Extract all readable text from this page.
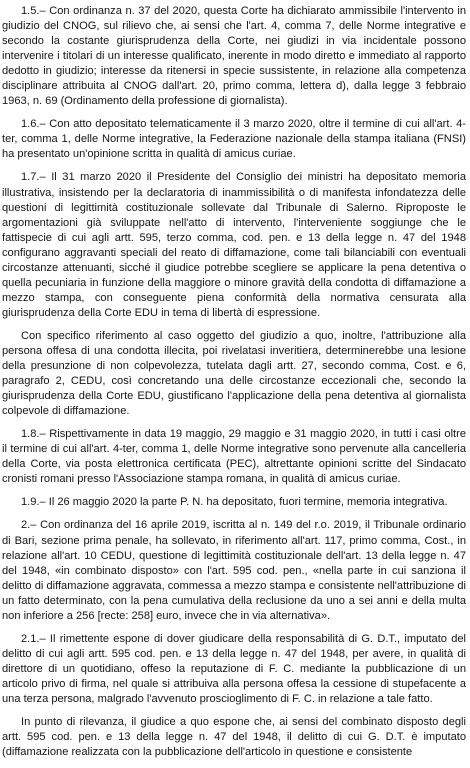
1.5.– Con ordinanza n. 37 del 2020, questa Corte ha dichiarato ammissibile l'intervento in giudizio del CNOG, sul rilievo che, ai sensi che l'art. 4, comma 7, delle Norme integrative e secondo la costante giurisprudenza della Corte, nei giudizi in via incidentale possono intervenire i titolari di un interesse qualificato, inerente in modo diretto e immediato al rapporto dedotto in giudizio; interesse da ritenersi in specie sussistente, in relazione alla competenza disciplinare attribuita al CNOG dall'art. 20, primo comma, lettera d), dalla legge 3 febbraio 1963, n. 69 (Ordinamento della professione di giornalista).

1.6.– Con atto depositato telematicamente il 3 marzo 2020, oltre il termine di cui all'art. 4-ter, comma 1, delle Norme integrative, la Federazione nazionale della stampa italiana (FNSI) ha presentato un'opinione scritta in qualità di amicus curiae.

1.7.– Il 31 marzo 2020 il Presidente del Consiglio dei ministri ha depositato memoria illustrativa, insistendo per la declaratoria di inammissibilità o di manifesta infondatezza delle questioni di legittimità costituzionale sollevate dal Tribunale di Salerno. Riproposte le argomentazioni già sviluppate nell'atto di intervento, l'interveniente soggiunge che le fattispecie di cui agli artt. 595, terzo comma, cod. pen. e 13 della legge n. 47 del 1948 configurano aggravanti speciali del reato di diffamazione, come tali bilanciabili con eventuali circostanze attenuanti, sicché il giudice potrebbe scegliere se applicare la pena detentiva o quella pecuniaria in funzione della maggiore o minore gravità della condotta di diffamazione a mezzo stampa, con conseguente piena conformità della normativa censurata alla giurisprudenza della Corte EDU in tema di libertà di espressione.

Con specifico riferimento al caso oggetto del giudizio a quo, inoltre, l'attribuzione alla persona offesa di una condotta illecita, poi rivelatasi inveritiera, determinerebbe una lesione della presunzione di non colpevolezza, tutelata dagli artt. 27, secondo comma, Cost. e 6, paragrafo 2, CEDU, così concretando una delle circostanze eccezionali che, secondo la giurisprudenza della Corte EDU, giustificano l'applicazione della pena detentiva al giornalista colpevole di diffamazione.

1.8.– Rispettivamente in data 19 maggio, 29 maggio e 31 maggio 2020, in tutti i casi oltre il termine di cui all'art. 4-ter, comma 1, delle Norme integrative sono pervenute alla cancelleria della Corte, via posta elettronica certificata (PEC), altrettante opinioni scritte del Sindacato cronisti romani presso l'Associazione stampa romana, in qualità di amicus curiae.

1.9.– Il 26 maggio 2020 la parte P. N. ha depositato, fuori termine, memoria integrativa.

2.– Con ordinanza del 16 aprile 2019, iscritta al n. 149 del r.o. 2019, il Tribunale ordinario di Bari, sezione prima penale, ha sollevato, in riferimento all'art. 117, primo comma, Cost., in relazione all'art. 10 CEDU, questione di legittimità costituzionale dell'art. 13 della legge n. 47 del 1948, «in combinato disposto» con l'art. 595 cod. pen., «nella parte in cui sanziona il delitto di diffamazione aggravata, commessa a mezzo stampa e consistente nell'attribuzione di un fatto determinato, con la pena cumulativa della reclusione da uno a sei anni e della multa non inferiore a 256 [recte: 258] euro, invece che in via alternativa».

2.1.– Il rimettente espone di dover giudicare della responsabilità di G. D.T., imputato del delitto di cui agli artt. 595 cod. pen. e 13 della legge n. 47 del 1948, per avere, in qualità di direttore di un quotidiano, offeso la reputazione di F. C. mediante la pubblicazione di un articolo privo di firma, nel quale si attribuiva alla persona offesa la cessione di stupefacente a una terza persona, malgrado l'avvenuto proscioglimento di F. C. in relazione a tale fatto.

In punto di rilevanza, il giudice a quo espone che, ai sensi del combinato disposto degli artt. 595 cod. pen. e 13 della legge n. 47 del 1948, il delitto di cui G. D.T. è imputato (diffamazione realizzata con la pubblicazione dell'articolo in questione e consistente
